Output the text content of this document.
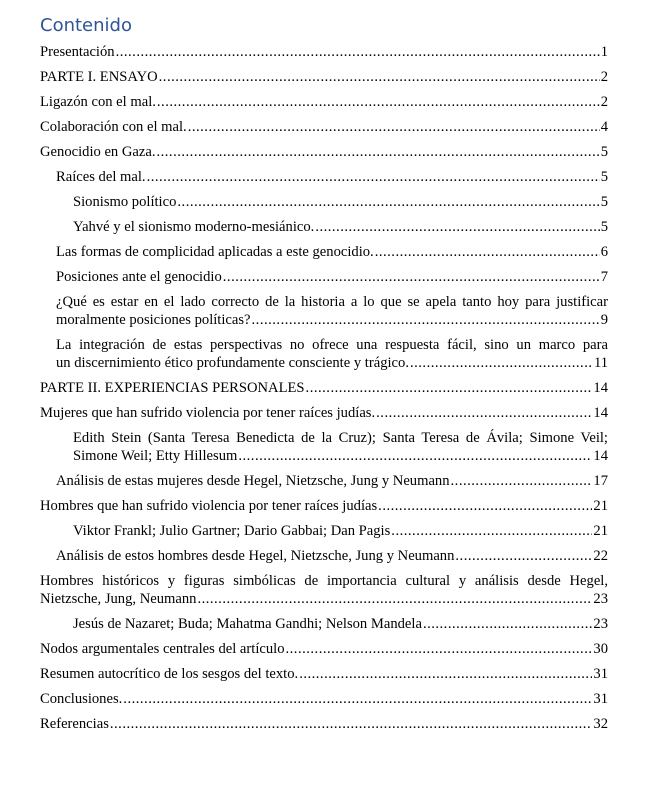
Contenido
Presentación .....	1
PARTE I. ENSAYO .....	2
Ligazón con el mal. .....	2
Colaboración con el mal. .....	4
Genocidio en Gaza. .....	5
Raíces del mal. .....	5
Sionismo político .....	5
Yahvé y el sionismo moderno-mesiánico. .....	5
Las formas de complicidad aplicadas a este genocidio. .....	6
Posiciones ante el genocidio .....	7
¿Qué es estar en el lado correcto de la historia a lo que se apela tanto hoy para justificar
moralmente posiciones políticas? .....	9
La integración de estas perspectivas no ofrece una respuesta fácil, sino un marco para
un discernimiento ético profundamente consciente y trágico. .....	11
PARTE II. EXPERIENCIAS PERSONALES .....	14
Mujeres que han sufrido violencia por tener raíces judías. .....	14
Edith Stein (Santa Teresa Benedicta de la Cruz); Santa Teresa de Ávila; Simone Veil;
Simone Weil; Etty Hillesum .....	14
Análisis de estas mujeres desde Hegel, Nietzsche, Jung y Neumann .....	17
Hombres que han sufrido violencia por tener raíces judías .....	21
Viktor Frankl; Julio Gartner; Dario Gabbai; Dan Pagis .....	21
Análisis de estos hombres desde Hegel, Nietzsche, Jung y Neumann .....	22
Hombres históricos y figuras simbólicas de importancia cultural y análisis desde Hegel,
Nietzsche, Jung, Neumann .....	23
Jesús de Nazaret; Buda; Mahatma Gandhi; Nelson Mandela .....	23
Nodos argumentales centrales del artículo .....	30
Resumen autocrítico de los sesgos del texto. .....	31
Conclusiones. .....	31
Referencias .....	32
